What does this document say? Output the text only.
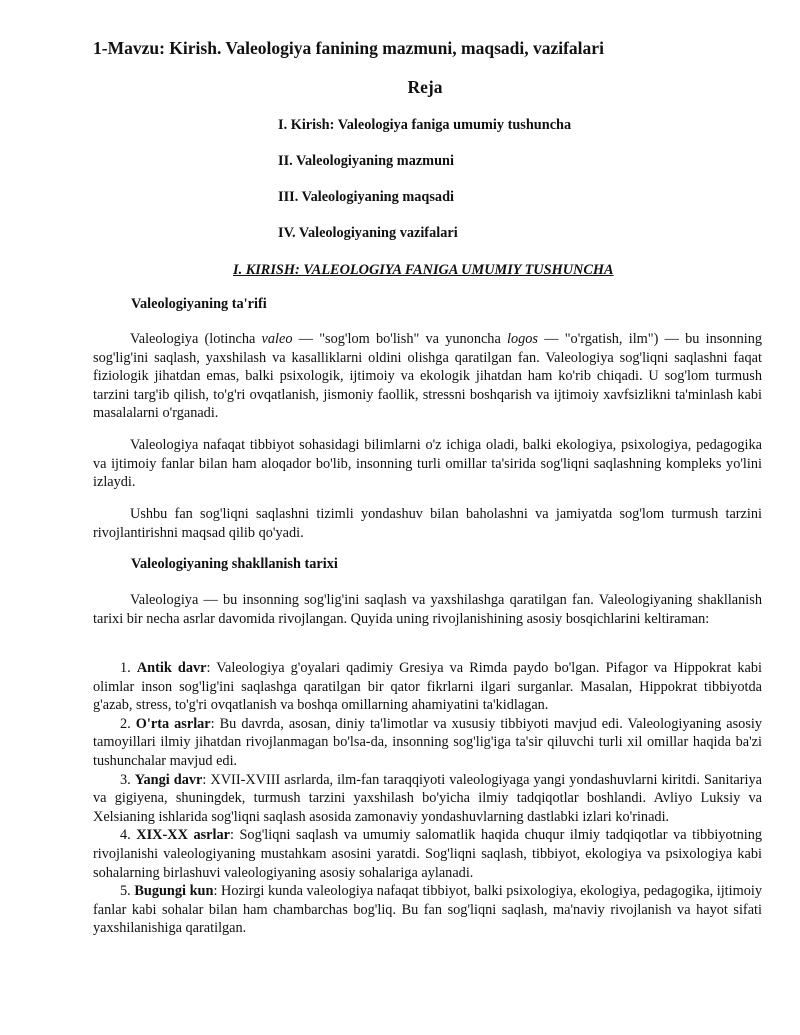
1-Mavzu: Kirish. Valeologiya fanining mazmuni, maqsadi, vazifalari
Reja

I. Kirish: Valeologiya faniga umumiy tushuncha

II. Valeologiyaning mazmuni

III. Valeologiyaning maqsadi

IV. Valeologiyaning vazifalari

I. KIRISH: VALEOLOGIYA FANIGA UMUMIY TUSHUNCHA
Valeologiyaning ta'rifi

Valeologiya (lotincha valeo — "sog'lom bo'lish" va yunoncha logos — "o'rgatish, ilm") — bu insonning sog'lig'ini saqlash, yaxshilash va kasalliklarni oldini olishga qaratilgan fan. Valeologiya sog'liqni saqlashni faqat fiziologik jihatdan emas, balki psixologik, ijtimoiy va ekologik jihatdan ham ko'rib chiqadi. U sog'lom turmush tarzini targ'ib qilish, to'g'ri ovqatlanish, jismoniy faollik, stressni boshqarish va ijtimoiy xavfsizlikni ta'minlash kabi masalalarni o'rganadi.

Valeologiya nafaqat tibbiyot sohasidagi bilimlarni o'z ichiga oladi, balki ekologiya, psixologiya, pedagogika va ijtimoiy fanlar bilan ham aloqador bo'lib, insonning turli omillar ta'sirida sog'liqni saqlashning kompleks yo'lini izlaydi.

Ushbu fan sog'liqni saqlashni tizimli yondashuv bilan baholashni va jamiyatda sog'lom turmush tarzini rivojlantirishni maqsad qilib qo'yadi.

Valeologiyaning shakllanish tarixi

Valeologiya — bu insonning sog'lig'ini saqlash va yaxshilashga qaratilgan fan. Valeologiyaning shakllanish tarixi bir necha asrlar davomida rivojlangan. Quyida uning rivojlanishining asosiy bosqichlarini keltiraman:

1. Antik davr: Valeologiya g'oyalari qadimiy Gresiya va Rimda paydo bo'lgan. Pifagor va Hippokrat kabi olimlar inson sog'lig'ini saqlashga qaratilgan bir qator fikrlarni ilgari surganlar. Masalan, Hippokrat tibbiyotda g'azab, stress, to'g'ri ovqatlanish va boshqa omillarning ahamiyatini ta'kidlagan.
2. O'rta asrlar: Bu davrda, asosan, diniy ta'limotlar va xususiy tibbiyoti mavjud edi. Valeologiyaning asosiy tamoyillari ilmiy jihatdan rivojlanmagan bo'lsa-da, insonning sog'lig'iga ta'sir qiluvchi turli xil omillar haqida ba'zi tushunchalar mavjud edi.
3. Yangi davr: XVII-XVIII asrlarda, ilm-fan taraqqiyoti valeologiyaga yangi yondashuvlarni kiritdi. Sanitariya va gigiyena, shuningdek, turmush tarzini yaxshilash bo'yicha ilmiy tadqiqotlar boshlandi. Avliyo Luksiy va Xelsianing ishlarida sog'liqni saqlash asosida zamonaviy yondashuvlarning dastlabki izlari ko'rinadi.
4. XIX-XX asrlar: Sog'liqni saqlash va umumiy salomatlik haqida chuqur ilmiy tadqiqotlar va tibbiyotning rivojlanishi valeologiyaning mustahkam asosini yaratdi. Sog'liqni saqlash, tibbiyot, ekologiya va psixologiya kabi sohalarning birlashuvi valeologiyaning asosiy sohalariga aylanadi.
5. Bugungi kun: Hozirgi kunda valeologiya nafaqat tibbiyot, balki psixologiya, ekologiya, pedagogika, ijtimoiy fanlar kabi sohalar bilan ham chambarchas bog'liq. Bu fan sog'liqni saqlash, ma'naviy rivojlanish va hayot sifati yaxshilanishiga qaratilgan.
